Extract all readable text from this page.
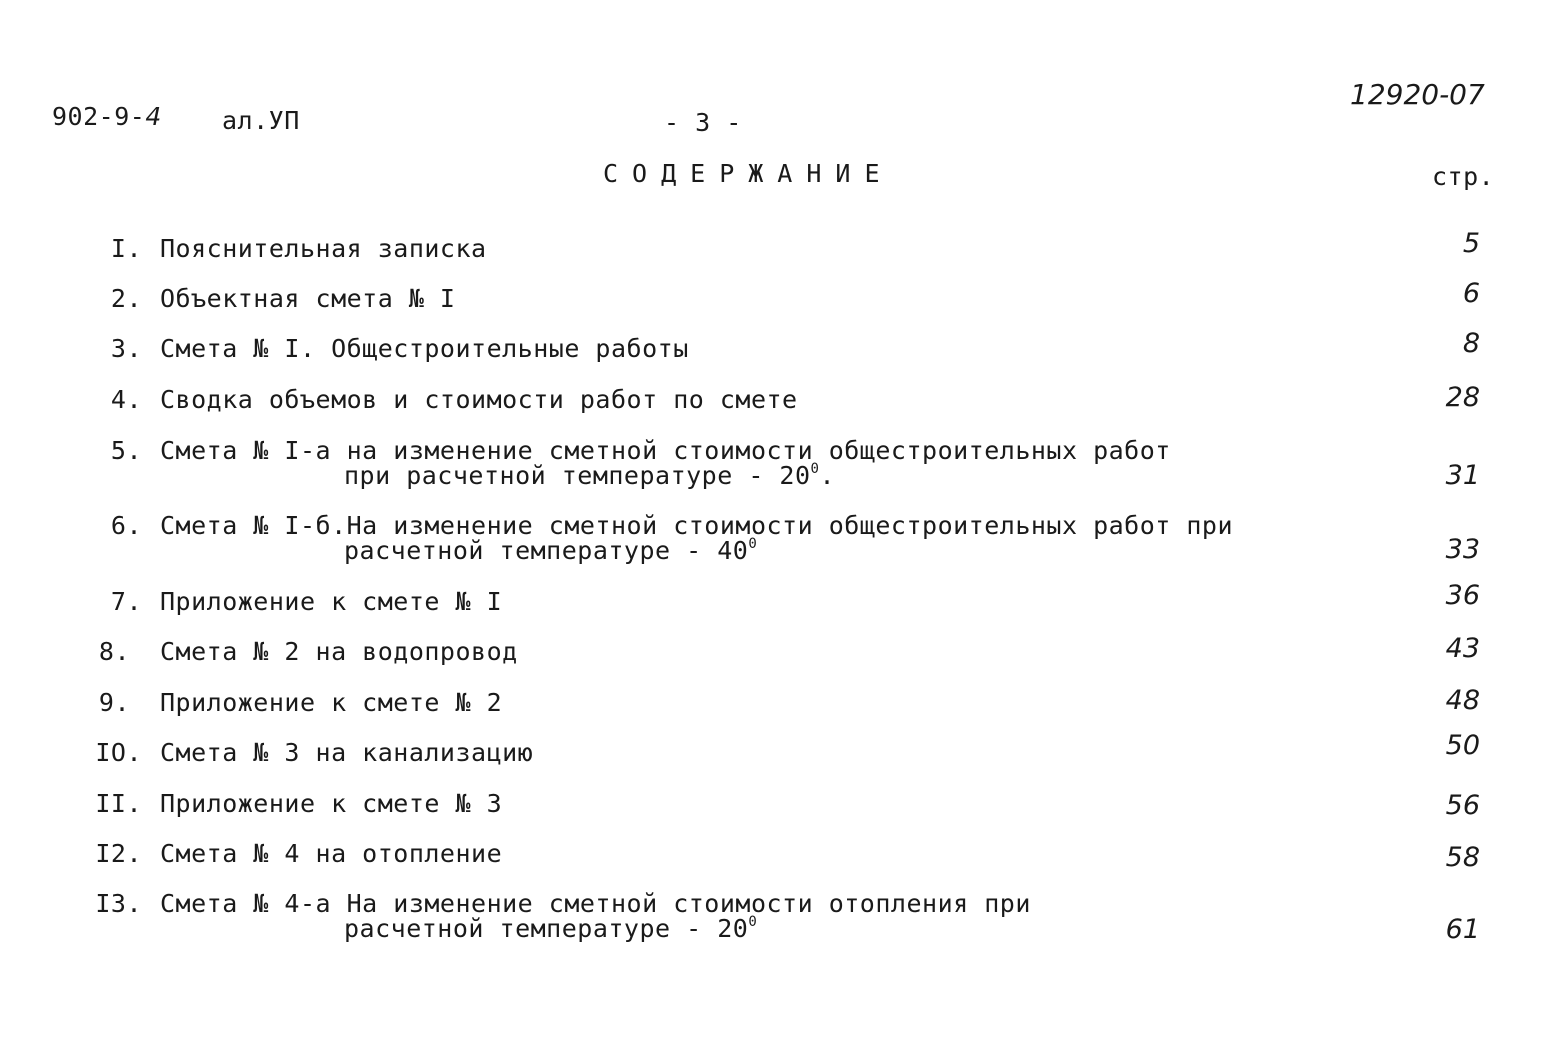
902-9-4 ал.УП	- 3 -
12920-07
СОДЕРЖАНИЕ	стр.
I. Пояснительная записка	5
2. Объектная смета № I	6
3. Смета № I. Общестроительные работы	8
4. Сводка объемов и стоимости работ по смете	28
5. Смета № I-а на изменение сметной стоимости общестроительных работ
при расчетной температуре - $20^0$.	31
6. Смета № I-б.На изменение сметной стоимости общестроительных работ при
расчетной температуре - $40^0$	33
7. Приложение к смете № I	36
8. Смета № 2 на водопровод	43
9. Приложение к смете № 2	48
IO. Смета № 3 на канализацию	50
II. Приложение к смете № 3	56
I2. Смета № 4 на отопление	58
I3. Смета № 4-а На изменение сметной стоимости отопления при
расчетной температуре - $20^0$	61
